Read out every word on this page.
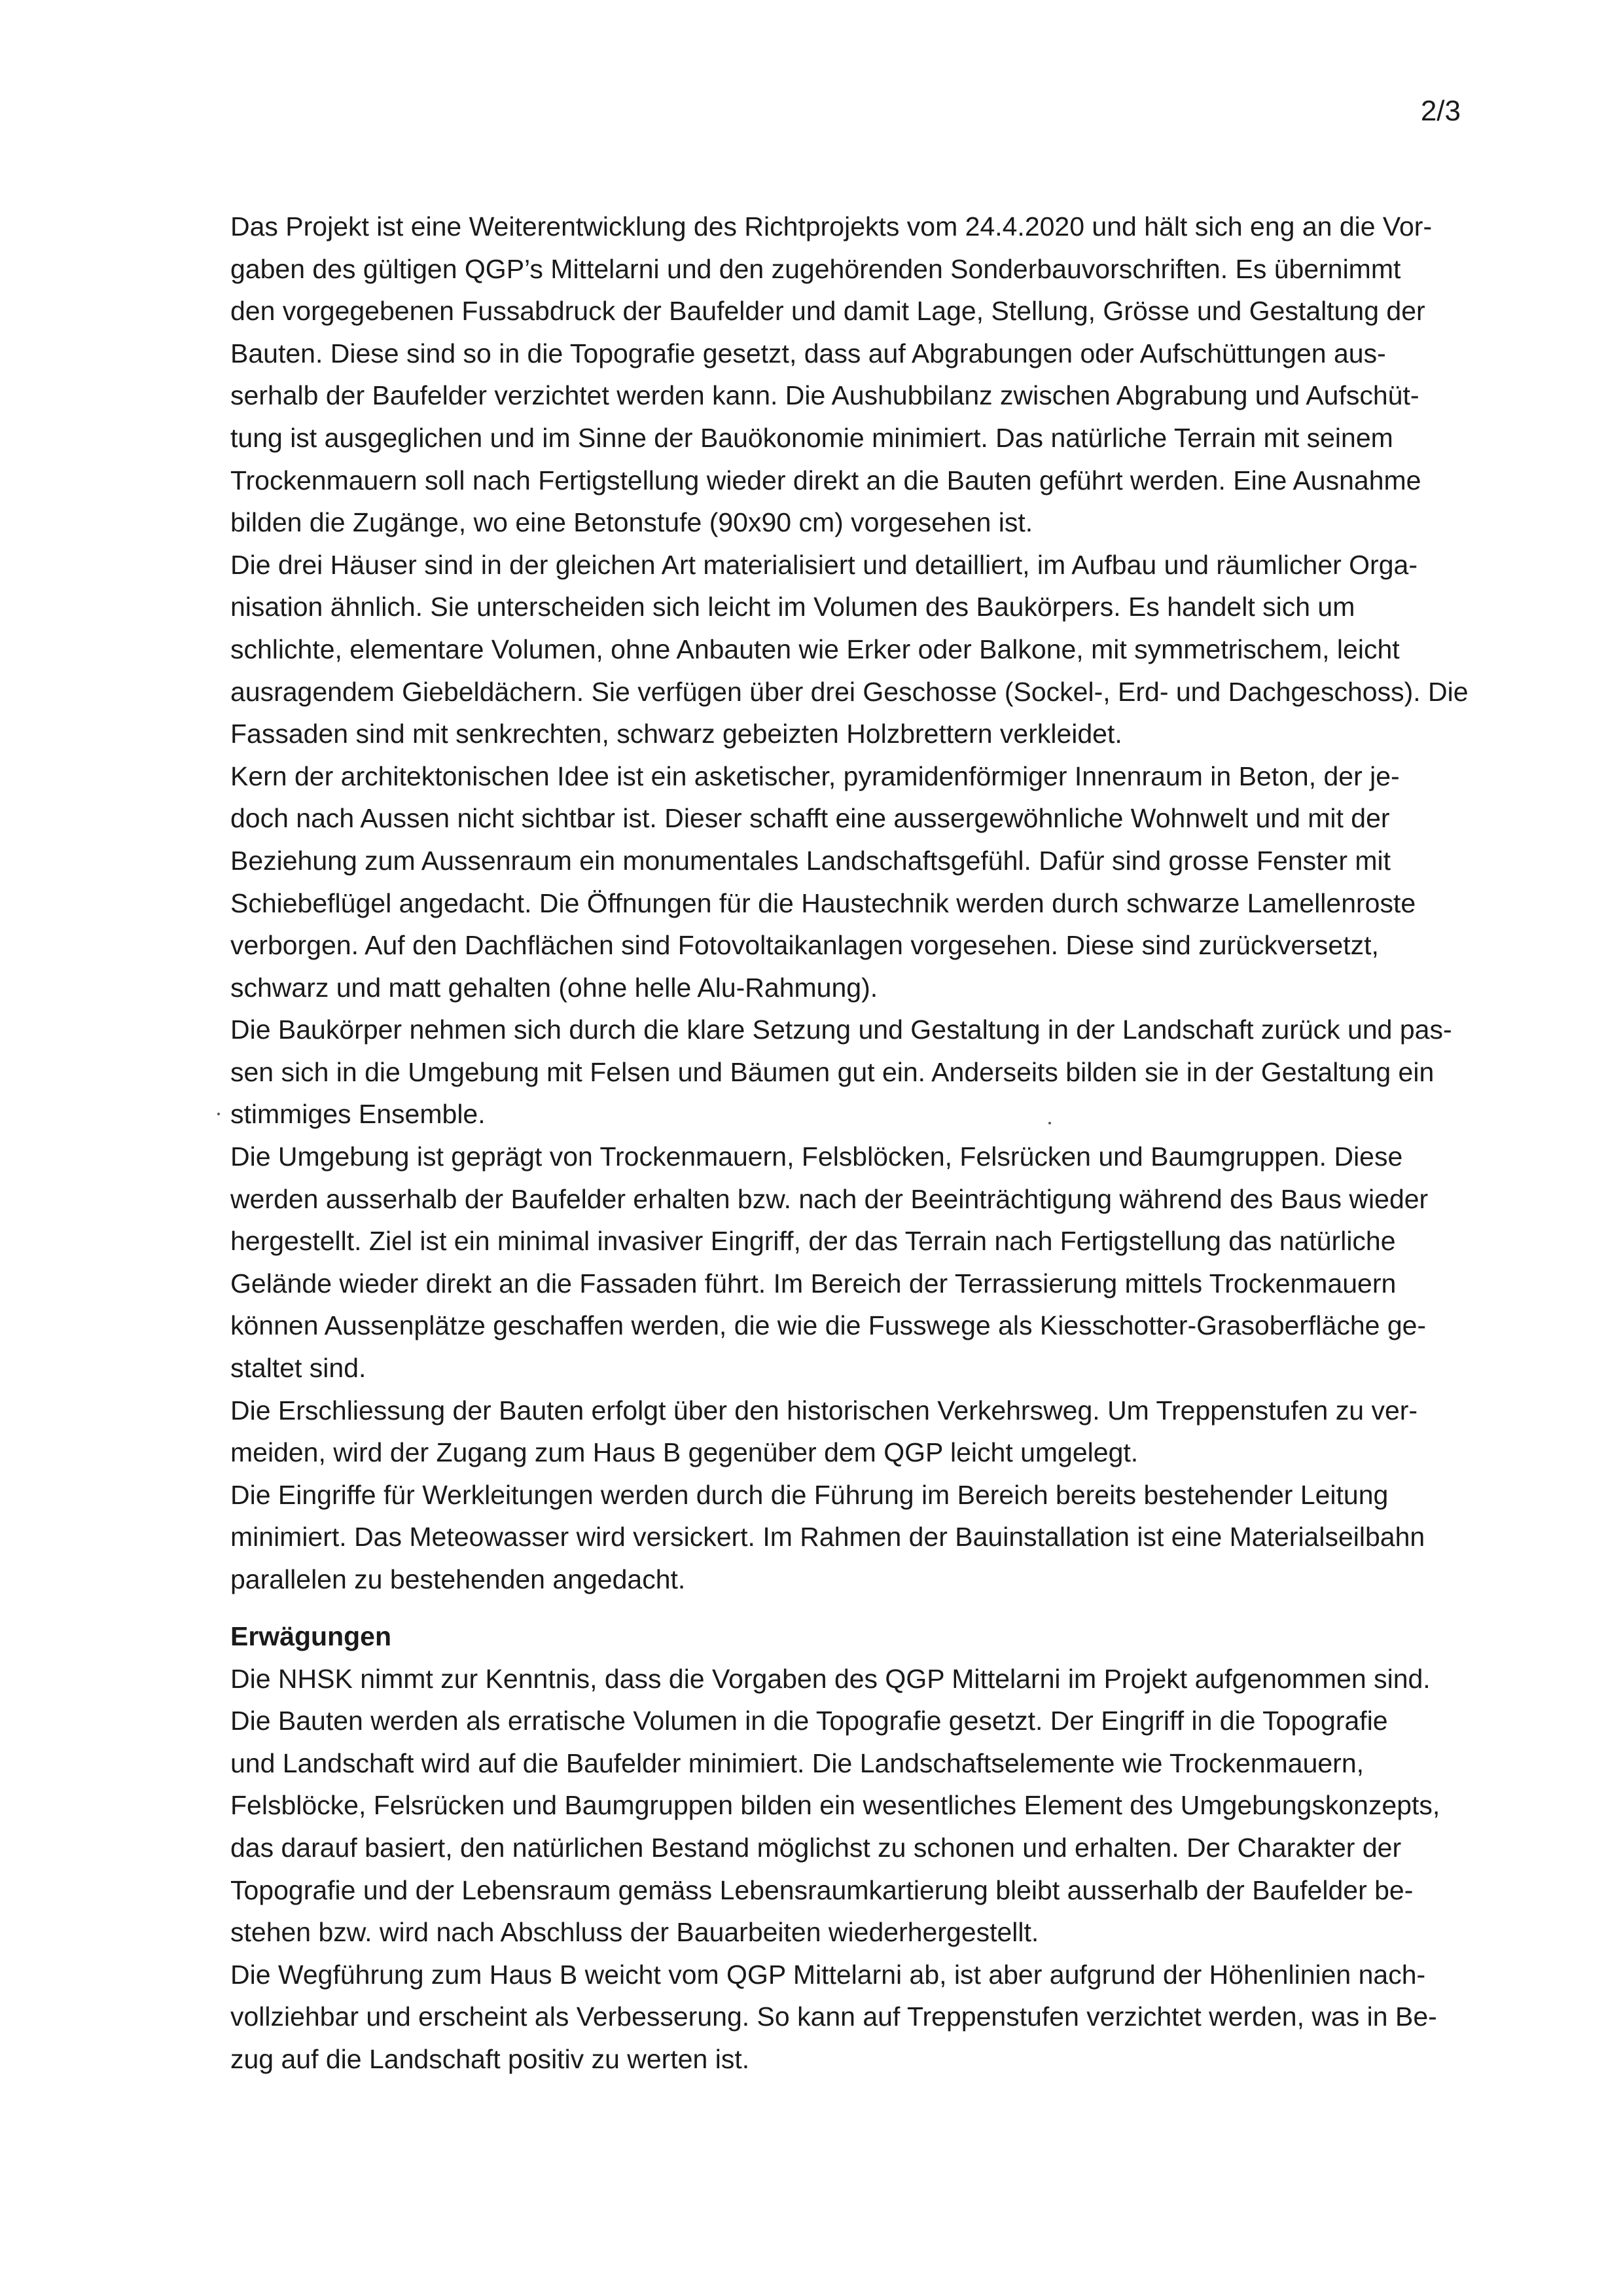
2/3
Das Projekt ist eine Weiterentwicklung des Richtprojekts vom 24.4.2020 und hält sich eng an die Vor-
gaben des gültigen QGP’s Mittelarni und den zugehörenden Sonderbauvorschriften. Es übernimmt
den vorgegebenen Fussabdruck der Baufelder und damit Lage, Stellung, Grösse und Gestaltung der
Bauten. Diese sind so in die Topografie gesetzt, dass auf Abgrabungen oder Aufschüttungen aus-
serhalb der Baufelder verzichtet werden kann. Die Aushubbilanz zwischen Abgrabung und Aufschüt-
tung ist ausgeglichen und im Sinne der Bauökonomie minimiert. Das natürliche Terrain mit seinem
Trockenmauern soll nach Fertigstellung wieder direkt an die Bauten geführt werden. Eine Ausnahme
bilden die Zugänge, wo eine Betonstufe (90x90 cm) vorgesehen ist.
Die drei Häuser sind in der gleichen Art materialisiert und detailliert, im Aufbau und räumlicher Orga-
nisation ähnlich. Sie unterscheiden sich leicht im Volumen des Baukörpers. Es handelt sich um
schlichte, elementare Volumen, ohne Anbauten wie Erker oder Balkone, mit symmetrischem, leicht
ausragendem Giebeldächern. Sie verfügen über drei Geschosse (Sockel-, Erd- und Dachgeschoss). Die
Fassaden sind mit senkrechten, schwarz gebeizten Holzbrettern verkleidet.
Kern der architektonischen Idee ist ein asketischer, pyramidenförmiger Innenraum in Beton, der je-
doch nach Aussen nicht sichtbar ist. Dieser schafft eine aussergewöhnliche Wohnwelt und mit der
Beziehung zum Aussenraum ein monumentales Landschaftsgefühl. Dafür sind grosse Fenster mit
Schiebeflügel angedacht. Die Öffnungen für die Haustechnik werden durch schwarze Lamellenroste
verborgen. Auf den Dachflächen sind Fotovoltaikanlagen vorgesehen. Diese sind zurückversetzt,
schwarz und matt gehalten (ohne helle Alu-Rahmung).
Die Baukörper nehmen sich durch die klare Setzung und Gestaltung in der Landschaft zurück und pas-
sen sich in die Umgebung mit Felsen und Bäumen gut ein. Anderseits bilden sie in der Gestaltung ein
stimmiges Ensemble.
Die Umgebung ist geprägt von Trockenmauern, Felsblöcken, Felsrücken und Baumgruppen. Diese
werden ausserhalb der Baufelder erhalten bzw. nach der Beeinträchtigung während des Baus wieder
hergestellt. Ziel ist ein minimal invasiver Eingriff, der das Terrain nach Fertigstellung das natürliche
Gelände wieder direkt an die Fassaden führt. Im Bereich der Terrassierung mittels Trockenmauern
können Aussenplätze geschaffen werden, die wie die Fusswege als Kiesschotter-Grasoberfläche ge-
staltet sind.
Die Erschliessung der Bauten erfolgt über den historischen Verkehrsweg. Um Treppenstufen zu ver-
meiden, wird der Zugang zum Haus B gegenüber dem QGP leicht umgelegt.
Die Eingriffe für Werkleitungen werden durch die Führung im Bereich bereits bestehender Leitung
minimiert. Das Meteowasser wird versickert. Im Rahmen der Bauinstallation ist eine Materialseilbahn
parallelen zu bestehenden angedacht.
Erwägungen
Die NHSK nimmt zur Kenntnis, dass die Vorgaben des QGP Mittelarni im Projekt aufgenommen sind.
Die Bauten werden als erratische Volumen in die Topografie gesetzt. Der Eingriff in die Topografie
und Landschaft wird auf die Baufelder minimiert. Die Landschaftselemente wie Trockenmauern,
Felsblöcke, Felsrücken und Baumgruppen bilden ein wesentliches Element des Umgebungskonzepts,
das darauf basiert, den natürlichen Bestand möglichst zu schonen und erhalten. Der Charakter der
Topografie und der Lebensraum gemäss Lebensraumkartierung bleibt ausserhalb der Baufelder be-
stehen bzw. wird nach Abschluss der Bauarbeiten wiederhergestellt.
Die Wegführung zum Haus B weicht vom QGP Mittelarni ab, ist aber aufgrund der Höhenlinien nach-
vollziehbar und erscheint als Verbesserung. So kann auf Treppenstufen verzichtet werden, was in Be-
zug auf die Landschaft positiv zu werten ist.
